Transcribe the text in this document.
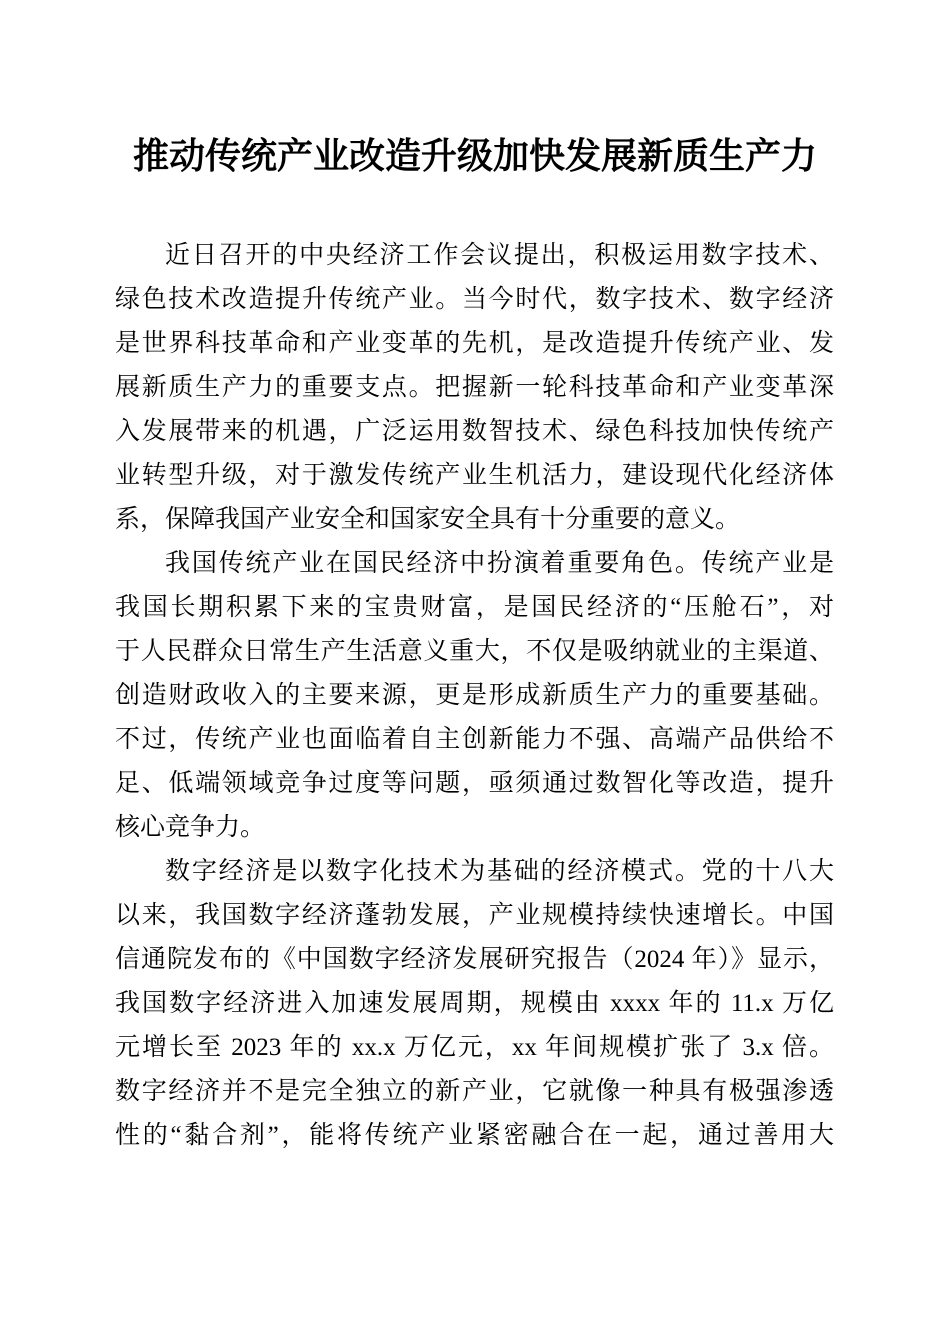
推动传统产业改造升级加快发展新质生产力
近日召开的中央经济工作会议提出，积极运用数字技术、
绿色技术改造提升传统产业。当今时代，数字技术、数字经济
是世界科技革命和产业变革的先机，是改造提升传统产业、发
展新质生产力的重要支点。把握新一轮科技革命和产业变革深
入发展带来的机遇，广泛运用数智技术、绿色科技加快传统产
业转型升级，对于激发传统产业生机活力，建设现代化经济体
系，保障我国产业安全和国家安全具有十分重要的意义。
我国传统产业在国民经济中扮演着重要角色。传统产业是
我国长期积累下来的宝贵财富，是国民经济的“压舱石”，对
于人民群众日常生产生活意义重大，不仅是吸纳就业的主渠道、
创造财政收入的主要来源，更是形成新质生产力的重要基础。
不过，传统产业也面临着自主创新能力不强、高端产品供给不
足、低端领域竞争过度等问题，亟须通过数智化等改造，提升
核心竞争力。
数字经济是以数字化技术为基础的经济模式。党的十八大
以来，我国数字经济蓬勃发展，产业规模持续快速增长。中国
信通院发布的《中国数字经济发展研究报告（2024 年）》显示，
我国数字经济进入加速发展周期，规模由 xxxx 年的 11.x 万亿
元增长至 2023 年的 xx.x 万亿元，xx 年间规模扩张了 3.x 倍。
数字经济并不是完全独立的新产业，它就像一种具有极强渗透
性的“黏合剂”，能将传统产业紧密融合在一起，通过善用大
